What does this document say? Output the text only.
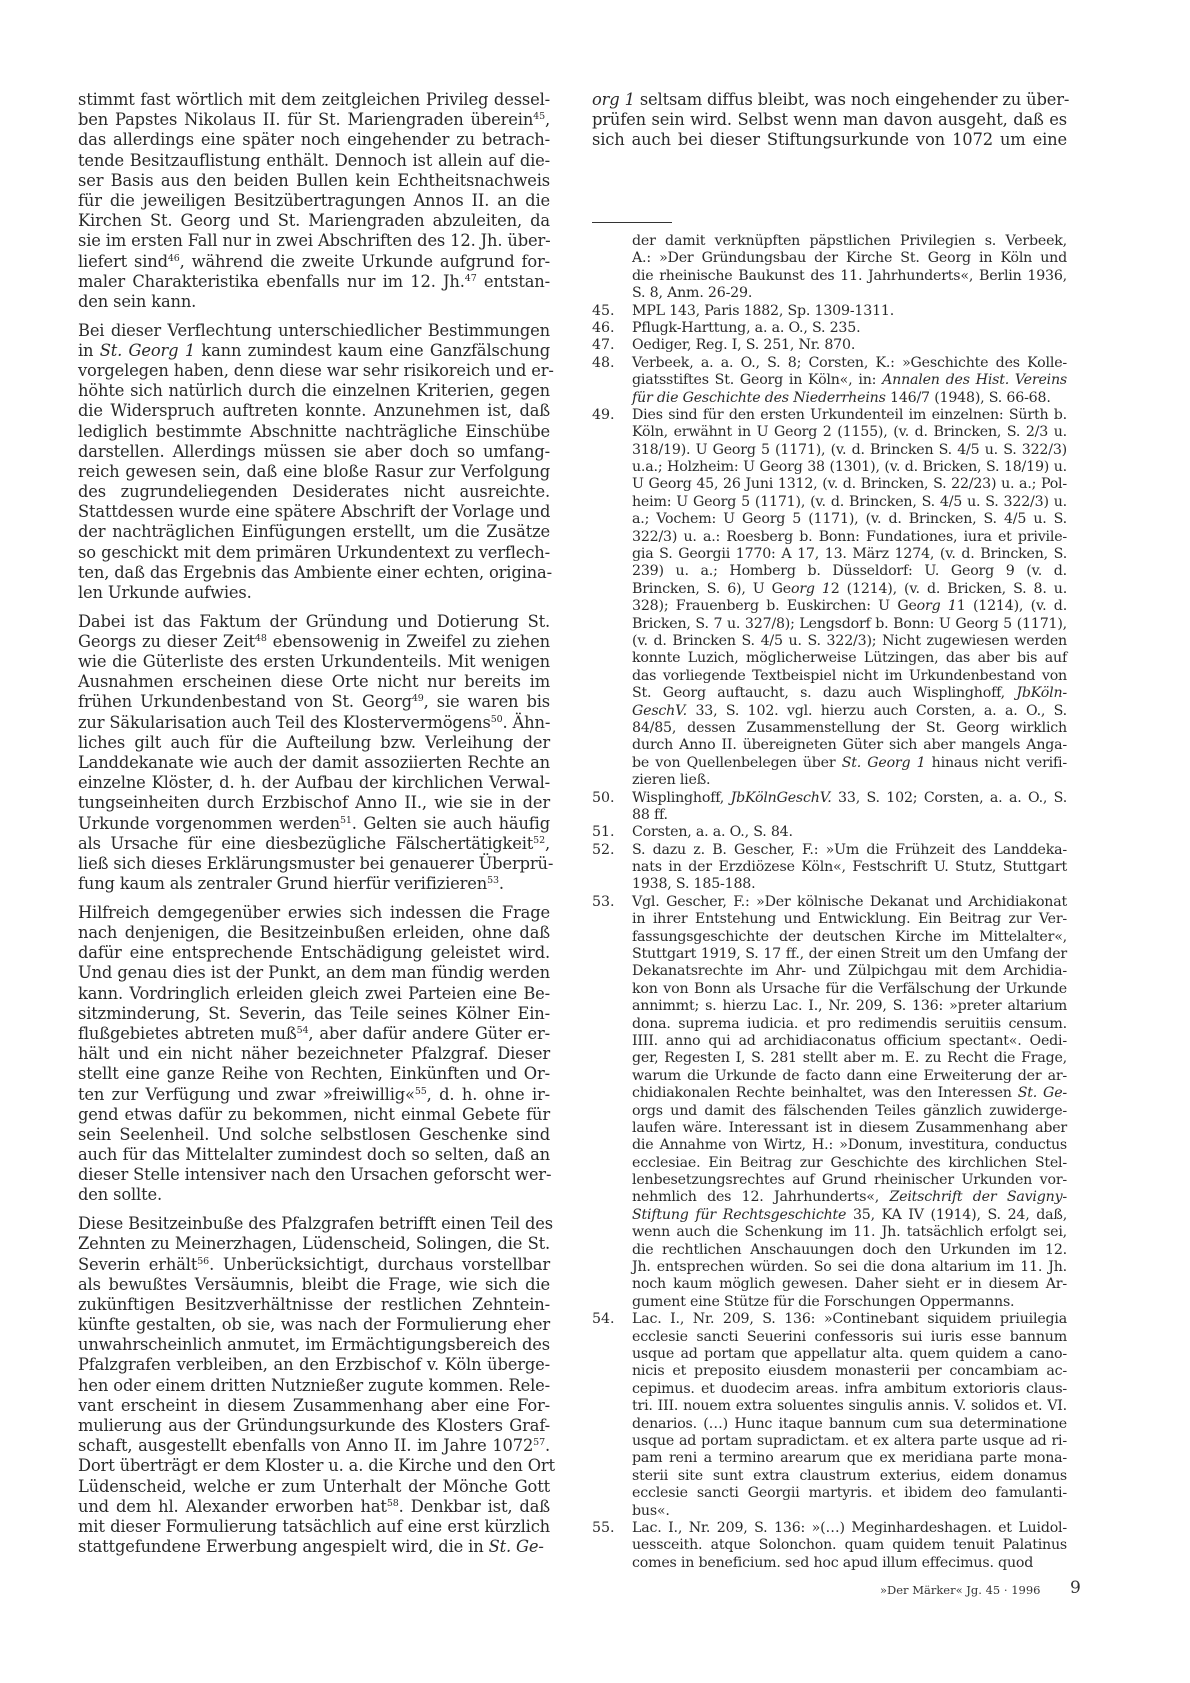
stimmt fast wörtlich mit dem zeitgleichen Privileg dessel-
ben Papstes Nikolaus II. für St. Mariengraden überein$^{45}$,
das allerdings eine später noch eingehender zu betrach-
tende Besitzauflistung enthält. Dennoch ist allein auf die-
ser Basis aus den beiden Bullen kein Echtheitsnachweis
für die jeweiligen Besitzübertragungen Annos II. an die
Kirchen St. Georg und St. Mariengraden abzuleiten, da
sie im ersten Fall nur in zwei Abschriften des 12. Jh. über-
liefert sind$^{46}$, während die zweite Urkunde aufgrund for-
maler Charakteristika ebenfalls nur im 12. Jh.$^{47}$ entstan-
den sein kann.
Bei dieser Verflechtung unterschiedlicher Bestimmungen
in St. Georg 1 kann zumindest kaum eine Ganzfälschung
vorgelegen haben, denn diese war sehr risikoreich und er-
höhte sich natürlich durch die einzelnen Kriterien, gegen
die Widerspruch auftreten konnte. Anzunehmen ist, daß
lediglich bestimmte Abschnitte nachträgliche Einschübe
darstellen. Allerdings müssen sie aber doch so umfang-
reich gewesen sein, daß eine bloße Rasur zur Verfolgung
des zugrundeliegenden Desiderates nicht ausreichte.
Stattdessen wurde eine spätere Abschrift der Vorlage und
der nachträglichen Einfügungen erstellt, um die Zusätze
so geschickt mit dem primären Urkundentext zu verflech-
ten, daß das Ergebnis das Ambiente einer echten, origina-
len Urkunde aufwies.
Dabei ist das Faktum der Gründung und Dotierung St.
Georgs zu dieser Zeit$^{48}$ ebensowenig in Zweifel zu ziehen
wie die Güterliste des ersten Urkundenteils. Mit wenigen
Ausnahmen erscheinen diese Orte nicht nur bereits im
frühen Urkundenbestand von St. Georg$^{49}$, sie waren bis
zur Säkularisation auch Teil des Klostervermögens$^{50}$. Ähn-
liches gilt auch für die Aufteilung bzw. Verleihung der
Landdekanate wie auch der damit assoziierten Rechte an
einzelne Klöster, d. h. der Aufbau der kirchlichen Verwal-
tungseinheiten durch Erzbischof Anno II., wie sie in der
Urkunde vorgenommen werden$^{51}$. Gelten sie auch häufig
als Ursache für eine diesbezügliche Fälschertätigkeit$^{52}$,
ließ sich dieses Erklärungsmuster bei genauerer Überprü-
fung kaum als zentraler Grund hierfür verifizieren$^{53}$.
Hilfreich demgegenüber erwies sich indessen die Frage
nach denjenigen, die Besitzeinbußen erleiden, ohne daß
dafür eine entsprechende Entschädigung geleistet wird.
Und genau dies ist der Punkt, an dem man fündig werden
kann. Vordringlich erleiden gleich zwei Parteien eine Be-
sitzminderung, St. Severin, das Teile seines Kölner Ein-
flußgebietes abtreten muß$^{54}$, aber dafür andere Güter er-
hält und ein nicht näher bezeichneter Pfalzgraf. Dieser
stellt eine ganze Reihe von Rechten, Einkünften und Or-
ten zur Verfügung und zwar »freiwillig«$^{55}$, d. h. ohne ir-
gend etwas dafür zu bekommen, nicht einmal Gebete für
sein Seelenheil. Und solche selbstlosen Geschenke sind
auch für das Mittelalter zumindest doch so selten, daß an
dieser Stelle intensiver nach den Ursachen geforscht wer-
den sollte.
Diese Besitzeinbuße des Pfalzgrafen betrifft einen Teil des
Zehnten zu Meinerzhagen, Lüdenscheid, Solingen, die St.
Severin erhält$^{56}$. Unberücksichtigt, durchaus vorstellbar
als bewußtes Versäumnis, bleibt die Frage, wie sich die
zukünftigen Besitzverhältnisse der restlichen Zehntein-
künfte gestalten, ob sie, was nach der Formulierung eher
unwahrscheinlich anmutet, im Ermächtigungsbereich des
Pfalzgrafen verbleiben, an den Erzbischof v. Köln überge-
hen oder einem dritten Nutznießer zugute kommen. Rele-
vant erscheint in diesem Zusammenhang aber eine For-
mulierung aus der Gründungsurkunde des Klosters Graf-
schaft, ausgestellt ebenfalls von Anno II. im Jahre 1072$^{57}$.
Dort überträgt er dem Kloster u. a. die Kirche und den Ort
Lüdenscheid, welche er zum Unterhalt der Mönche Gott
und dem hl. Alexander erworben hat$^{58}$. Denkbar ist, daß
mit dieser Formulierung tatsächlich auf eine erst kürzlich
stattgefundene Erwerbung angespielt wird, die in St. Ge-
org 1 seltsam diffus bleibt, was noch eingehender zu über-
prüfen sein wird. Selbst wenn man davon ausgeht, daß es
sich auch bei dieser Stiftungsurkunde von 1072 um eine
der damit verknüpften päpstlichen Privilegien s. Verbeek,
A.: »Der Gründungsbau der Kirche St. Georg in Köln und
die rheinische Baukunst des 11. Jahrhunderts«, Berlin 1936,
S. 8, Anm. 26-29.
45. MPL 143, Paris 1882, Sp. 1309-1311.
46. Pflugk-Harttung, a. a. O., S. 235.
47. Oediger, Reg. I, S. 251, Nr. 870.
48. Verbeek, a. a. O., S. 8; Corsten, K.: »Geschichte des Kolle-
giatsstiftes St. Georg in Köln«, in: Annalen des Hist. Vereins
für die Geschichte des Niederrheins 146/7 (1948), S. 66-68.
49. Dies sind für den ersten Urkundenteil im einzelnen: Sürth b.
Köln, erwähnt in U Georg 2 (1155), (v. d. Brincken, S. 2/3 u.
318/19). U Georg 5 (1171), (v. d. Brincken S. 4/5 u. S. 322/3)
u.a.; Holzheim: U Georg 38 (1301), (v. d. Bricken, S. 18/19) u.
U Georg 45, 26 Juni 1312, (v. d. Brincken, S. 22/23) u. a.; Pol-
heim: U Georg 5 (1171), (v. d. Brincken, S. 4/5 u. S. 322/3) u.
a.; Vochem: U Georg 5 (1171), (v. d. Brincken, S. 4/5 u. S.
322/3) u. a.: Roesberg b. Bonn: Fundationes, iura et privile-
gia S. Georgii 1770: A 17, 13. März 1274, (v. d. Brincken, S.
239) u. a.; Homberg b. Düsseldorf: U. Georg 9 (v. d.
Brincken, S. 6), U Georg 12 (1214), (v. d. Bricken, S. 8. u.
328); Frauenberg b. Euskirchen: U Georg 11 (1214), (v. d.
Bricken, S. 7 u. 327/8); Lengsdorf b. Bonn: U Georg 5 (1171),
(v. d. Brincken S. 4/5 u. S. 322/3); Nicht zugewiesen werden
konnte Luzich, möglicherweise Lützingen, das aber bis auf
das vorliegende Textbeispiel nicht im Urkundenbestand von
St. Georg auftaucht, s. dazu auch Wisplinghoff, JbKöln-
GeschV. 33, S. 102. vgl. hierzu auch Corsten, a. a. O., S.
84/85, dessen Zusammenstellung der St. Georg wirklich
durch Anno II. übereigneten Güter sich aber mangels Anga-
be von Quellenbelegen über St. Georg 1 hinaus nicht verifi-
zieren ließ.
50. Wisplinghoff, JbKölnGeschV. 33, S. 102; Corsten, a. a. O., S.
88 ff.
51. Corsten, a. a. O., S. 84.
52. S. dazu z. B. Gescher, F.: »Um die Frühzeit des Landdeka-
nats in der Erzdiözese Köln«, Festschrift U. Stutz, Stuttgart
1938, S. 185-188.
53. Vgl. Gescher, F.: »Der kölnische Dekanat und Archidiakonat
in ihrer Entstehung und Entwicklung. Ein Beitrag zur Ver-
fassungsgeschichte der deutschen Kirche im Mittelalter«,
Stuttgart 1919, S. 17 ff., der einen Streit um den Umfang der
Dekanatsrechte im Ahr- und Zülpichgau mit dem Archidia-
kon von Bonn als Ursache für die Verfälschung der Urkunde
annimmt; s. hierzu Lac. I., Nr. 209, S. 136: »preter altarium
dona. suprema iudicia. et pro redimendis seruitiis censum.
IIII. anno qui ad archidiaconatus officium spectant«. Oedi-
ger, Regesten I, S. 281 stellt aber m. E. zu Recht die Frage,
warum die Urkunde de facto dann eine Erweiterung der ar-
chidiakonalen Rechte beinhaltet, was den Interessen St. Ge-
orgs und damit des fälschenden Teiles gänzlich zuwiderge-
laufen wäre. Interessant ist in diesem Zusammenhang aber
die Annahme von Wirtz, H.: »Donum, investitura, conductus
ecclesiae. Ein Beitrag zur Geschichte des kirchlichen Stel-
lenbesetzungsrechtes auf Grund rheinischer Urkunden vor-
nehmlich des 12. Jahrhunderts«, Zeitschrift der Savigny-
Stiftung für Rechtsgeschichte 35, KA IV (1914), S. 24, daß,
wenn auch die Schenkung im 11. Jh. tatsächlich erfolgt sei,
die rechtlichen Anschauungen doch den Urkunden im 12.
Jh. entsprechen würden. So sei die dona altarium im 11. Jh.
noch kaum möglich gewesen. Daher sieht er in diesem Ar-
gument eine Stütze für die Forschungen Oppermanns.
54. Lac. I., Nr. 209, S. 136: »Continebant siquidem priuilegia
ecclesie sancti Seuerini confessoris sui iuris esse bannum
usque ad portam que appellatur alta. quem quidem a cano-
nicis et preposito eiusdem monasterii per concambiam ac-
cepimus. et duodecim areas. infra ambitum extorioris claus-
tri. III. nouem extra soluentes singulis annis. V. solidos et. VI.
denarios. (…) Hunc itaque bannum cum sua determinatione
usque ad portam supradictam. et ex altera parte usque ad ri-
pam reni a termino arearum que ex meridiana parte mona-
sterii site sunt extra claustrum exterius, eidem donamus
ecclesie sancti Georgii martyris. et ibidem deo famulanti-
bus«.
55. Lac. I., Nr. 209, S. 136: »(…) Meginhardeshagen. et Luidol-
uessceith. atque Solonchon. quam quidem tenuit Palatinus
comes in beneficium. sed hoc apud illum effecimus. quod
»Der Märker« Jg. 45 · 1996 9
